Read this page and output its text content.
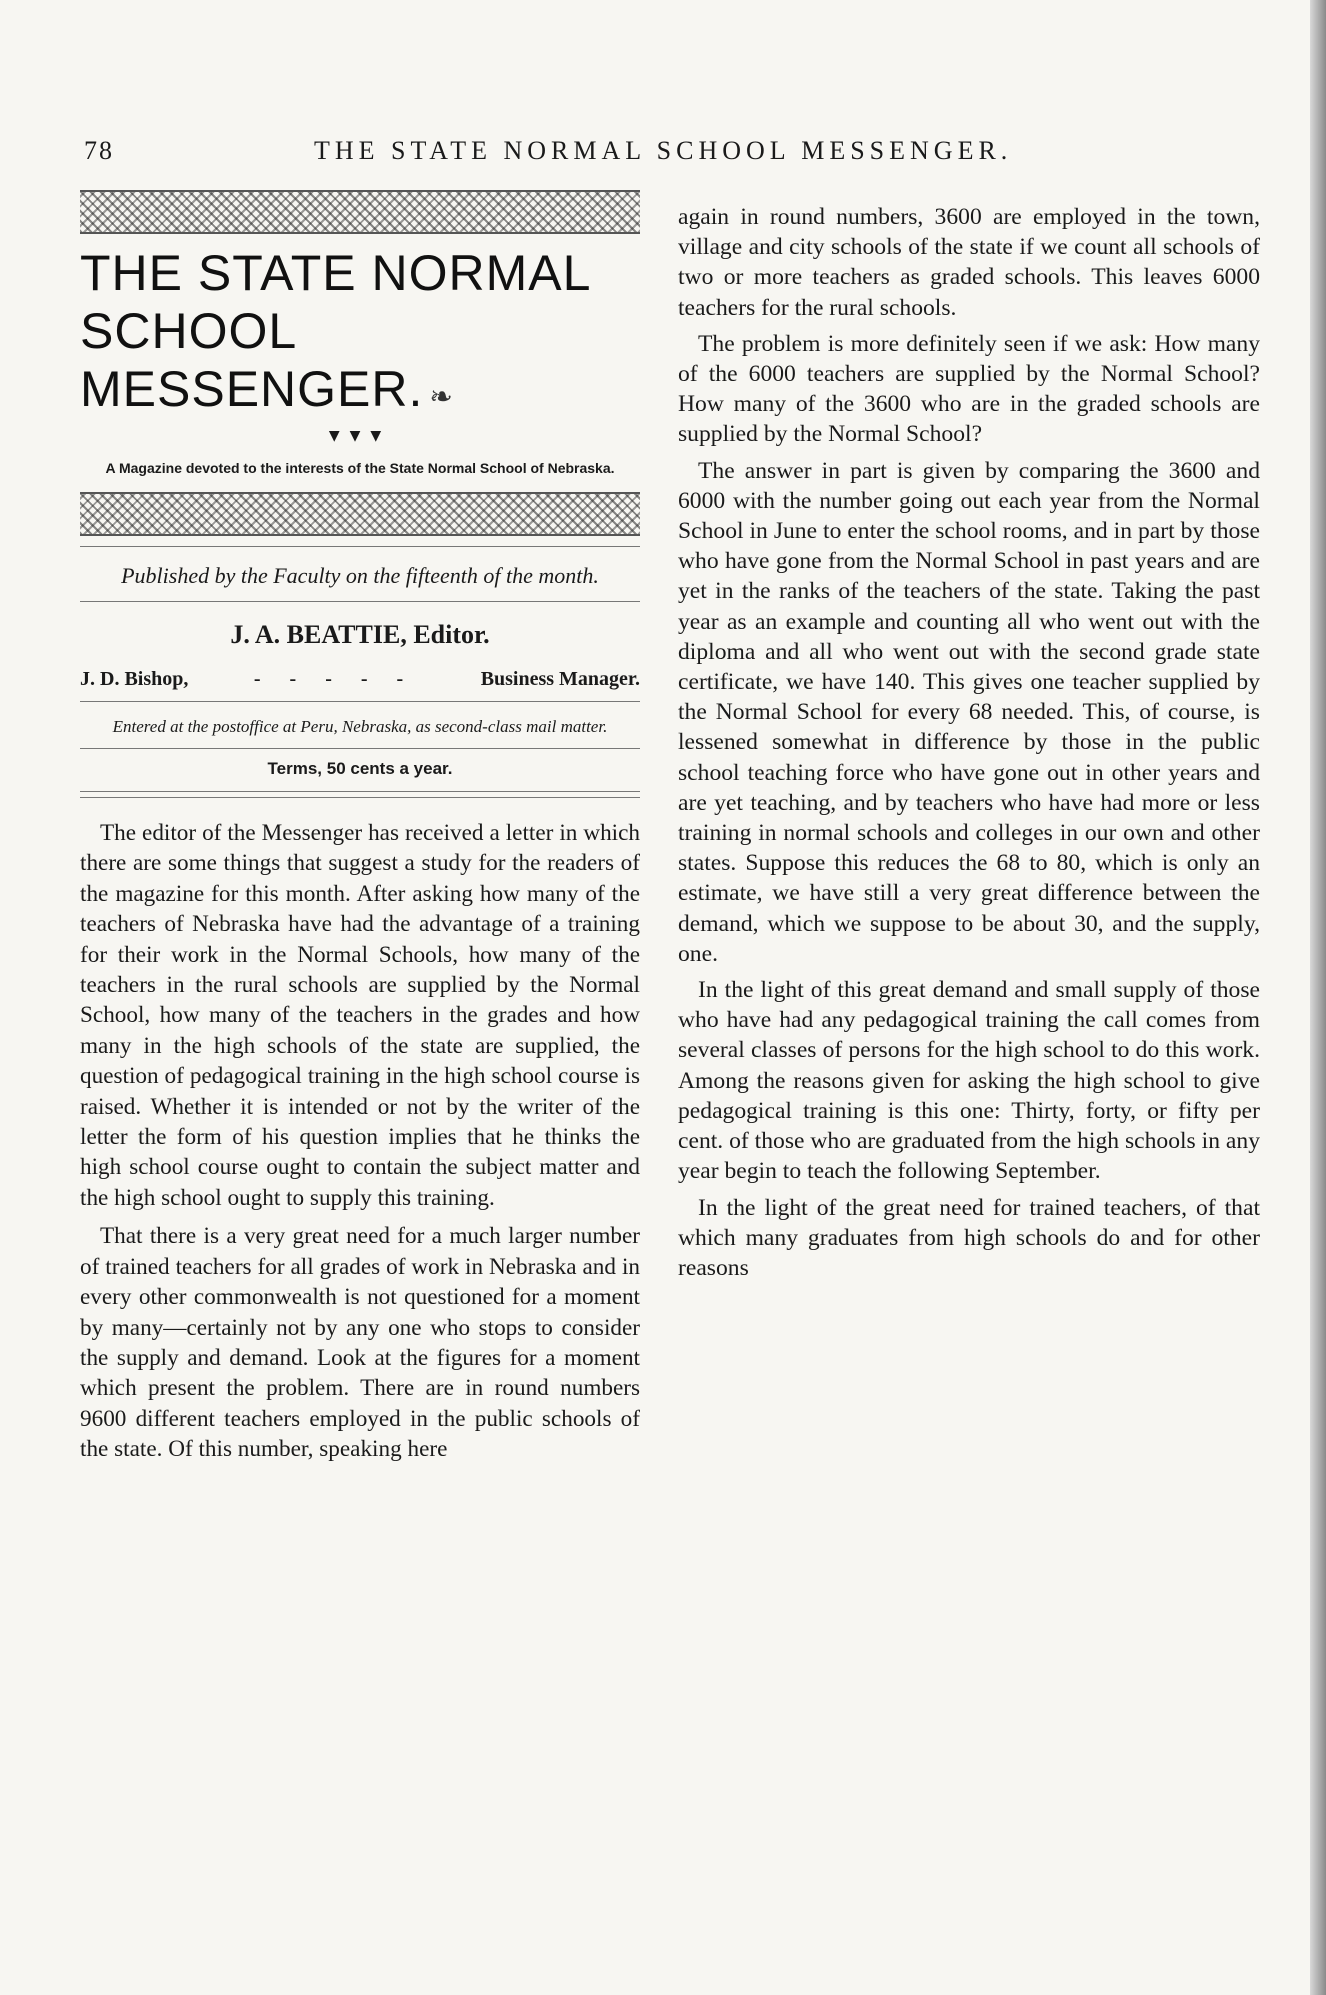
78	THE STATE NORMAL SCHOOL MESSENGER.
THE STATE NORMAL
SCHOOL MESSENGER. ❧
▼▼▼
A Magazine devoted to the interests of the State Normal School of Nebraska.
Published by the Faculty on the fifteenth of the month.
J. A. BEATTIE, Editor.
J. D. Bishop,	- - - - -	Business Manager.
Entered at the postoffice at Peru, Nebraska, as second-class mail matter.
Terms, 50 cents a year.

The editor of the Messenger has received a letter in which there are some things that suggest a study for the readers of the magazine for this month. After asking how many of the teachers of Nebraska have had the advantage of a training for their work in the Normal Schools, how many of the teachers in the rural schools are supplied by the Normal School, how many of the teachers in the grades and how many in the high schools of the state are supplied, the question of pedagogical training in the high school course is raised. Whether it is intended or not by the writer of the letter the form of his question implies that he thinks the high school course ought to contain the subject matter and the high school ought to supply this training.

That there is a very great need for a much larger number of trained teachers for all grades of work in Nebraska and in every other commonwealth is not questioned for a moment by many—certainly not by any one who stops to consider the supply and demand. Look at the figures for a moment which present the problem. There are in round numbers 9600 different teachers employed in the public schools of the state. Of this number, speaking here

again in round numbers, 3600 are employed in the town, village and city schools of the state if we count all schools of two or more teachers as graded schools. This leaves 6000 teachers for the rural schools.

The problem is more definitely seen if we ask: How many of the 6000 teachers are supplied by the Normal School? How many of the 3600 who are in the graded schools are supplied by the Normal School?

The answer in part is given by comparing the 3600 and 6000 with the number going out each year from the Normal School in June to enter the school rooms, and in part by those who have gone from the Normal School in past years and are yet in the ranks of the teachers of the state. Taking the past year as an example and counting all who went out with the diploma and all who went out with the second grade state certificate, we have 140. This gives one teacher supplied by the Normal School for every 68 needed. This, of course, is lessened somewhat in difference by those in the public school teaching force who have gone out in other years and are yet teaching, and by teachers who have had more or less training in normal schools and colleges in our own and other states. Suppose this reduces the 68 to 80, which is only an estimate, we have still a very great difference between the demand, which we suppose to be about 30, and the supply, one.

In the light of this great demand and small supply of those who have had any pedagogical training the call comes from several classes of persons for the high school to do this work. Among the reasons given for asking the high school to give pedagogical training is this one: Thirty, forty, or fifty per cent. of those who are graduated from the high schools in any year begin to teach the following September.

In the light of the great need for trained teachers, of that which many graduates from high schools do and for other reasons
